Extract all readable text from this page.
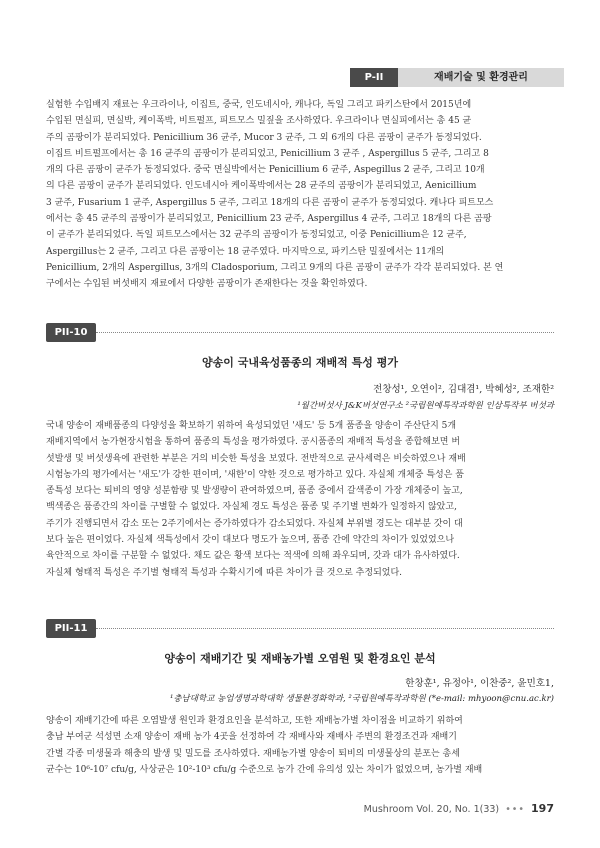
P-II	재배기술 및 환경관리
실험한 수입배지 재료는 우크라이나, 이집트, 중국, 인도네시아, 캐나다, 독일 그리고 파키스탄에서 2015년에
수입된 면실피, 면실박, 케이폭박, 비트펄프, 피트모스 밀짚을 조사하였다. 우크라이나 면실피에서는 총 45 균
주의 곰팡이가 분리되었다. Penicillium 36 균주, Mucor 3 균주, 그 외 6개의 다른 곰팡이 균주가 동정되었다.
이집트 비트펄프에서는 총 16 균주의 곰팡이가 분리되었고, Penicillium 3 균주 , Aspergillus 5 균주, 그리고 8
개의 다른 곰팡이 균주가 동정되었다. 중국 면실박에서는 Penicillium 6 균주, Aspegillus 2 균주, 그리고 10개
의 다른 곰팡이 균주가 분리되었다. 인도네시아 케이폭박에서는 28 균주의 곰팡이가 분리되었고, Aenicillium
3 균주, Fusarium 1 균주, Aspergillus 5 균주, 그리고 18개의 다른 곰팡이 균주가 동정되었다. 캐나다 피트모스
에서는 총 45 균주의 곰팡이가 분리되었고, Penicillium 23 균주, Aspergillus 4 균주, 그리고 18개의 다른 곰팡
이 균주가 분리되었다. 독일 피트모스에서는 32 균주의 곰팡이가 동정되었고, 이중 Penicillium은 12 균주,
Aspergillus는 2 균주, 그리고 다른 곰팡이는 18 균주였다. 마지막으로, 파키스탄 밀짚에서는 11개의
Penicillium, 2개의 Aspergillus, 3개의 Cladosporium, 그리고 9개의 다른 곰팡이 균주가 각각 분리되었다. 본 연
구에서는 수입된 버섯배지 재료에서 다양한 곰팡이가 존재한다는 것을 확인하였다.
PII-10
양송이 국내육성품종의 재배적 특성 평가
전창성¹, 오연이², 김대겸¹, 박혜성², 조재한²
¹월간버섯사 J&K버섯연구소 ²국립원예특작과학원 인삼특작부 버섯과
국내 양송이 재배품종의 다양성을 확보하기 위하여 육성되었던 '새도' 등 5개 품종을 양송이 주산단지 5개
재배지역에서 농가현장시험을 통하여 품종의 특성을 평가하였다. 공시품종의 재배적 특성을 종합해보면 버
섯발생 및 버섯생육에 관련한 부분은 거의 비슷한 특성을 보였다. 전반적으로 균사세력은 비슷하였으나 재배
시험농가의 평가에서는 '새도'가 강한 편이며, '새한'이 약한 것으로 평가하고 있다. 자실체 개체중 특성은 품
종특성 보다는 퇴비의 영양 성분함량 및 발생량이 관여하였으며, 품종 중에서 갈색종이 가장 개체중이 높고,
백색종은 품종간의 차이를 구별할 수 없었다. 자실체 경도 특성은 품종 및 주기별 변화가 일정하지 않았고,
주기가 진행되면서 감소 또는 2주기에서는 증가하였다가 감소되었다. 자실체 부위별 경도는 대부분 갓이 대
보다 높은 편이었다. 자실체 색특성에서 갓이 대보다 명도가 높으며, 품종 간에 약간의 차이가 있었었으나
육안적으로 차이를 구분할 수 없었다. 채도 값은 황색 보다는 적색에 의해 좌우되며, 갓과 대가 유사하였다.
자실체 형태적 특성은 주기별 형태적 특성과 수확시기에 따른 차이가 클 것으로 추정되었다.
PII-11
양송이 재배기간 및 재배농가별 오염원 및 환경요인 분석
한창훈¹, 유정아¹, 이찬중², 윤민호1,
¹충남대학교 농업생명과학대학 생물환경화학과, ²국립원예특작과학원 (*e-mail: mhyoon@cnu.ac.kr)
양송이 재배기간에 따른 오염발생 원인과 환경요인을 분석하고, 또한 재배농가별 차이점을 비교하기 위하여
충남 부여군 석성면 소재 양송이 재배 농가 4곳을 선정하여 각 재배사와 재배사 주변의 환경조건과 재배기
간별 각종 미생물과 해충의 발생 및 밀도를 조사하였다. 재배농가별 양송이 퇴비의 미생물상의 분포는 총세
균수는 10⁶-10⁷ cfu/g, 사상균은 10²-10³ cfu/g 수준으로 농가 간에 유의성 있는 차이가 없었으며, 농가별 재배
Mushroom Vol. 20, No. 1(33) ••• 197
